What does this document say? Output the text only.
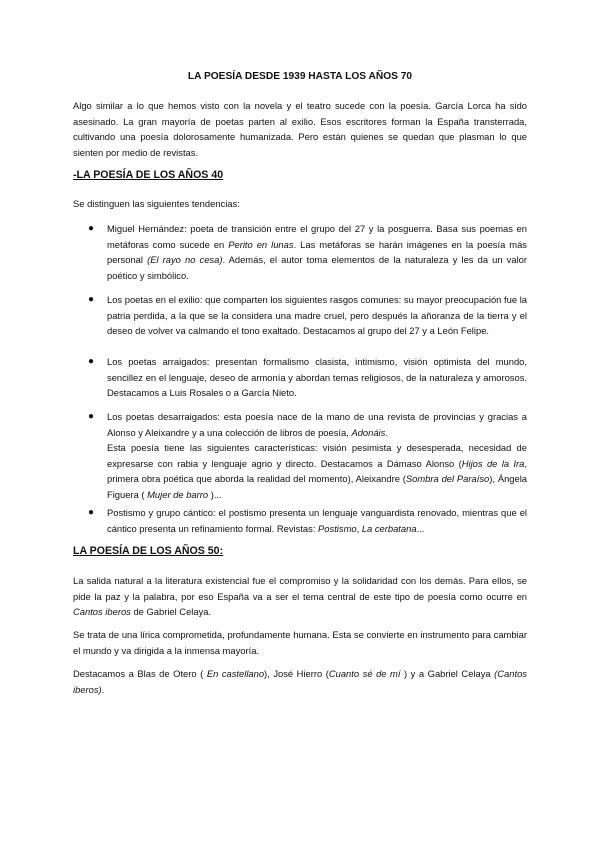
LA POESÍA DESDE 1939 HASTA LOS AÑOS 70

Algo similar a lo que hemos visto con la novela y el teatro sucede con la poesía. García Lorca ha sido asesinado. La gran mayoría de poetas parten al exilio. Esos escritores forman la España transterrada, cultivando una poesía dolorosamente humanizada. Pero están quienes se quedan que plasman lo que sienten por medio de revistas.

-LA POESÍA DE LOS AÑOS 40

Se distinguen las siguientes tendencias:

●	Miguel Hernández: poeta de transición entre el grupo del 27 y la posguerra. Basa sus poemas en metáforas como sucede en Perito en lunas. Las metáforas se harán imágenes en la poesía más personal (El rayo no cesa). Además, el autor toma elementos de la naturaleza y les da un valor poético y simbólico.

●	Los poetas en el exilio: que comparten los siguientes rasgos comunes: su mayor preocupación fue la patria perdida, a la que se la considera una madre cruel, pero después la añoranza de la tierra y el deseo de volver va calmando el tono exaltado. Destacamos al grupo del 27 y a León Felipe.

●	Los poetas arraigados: presentan formalismo clasista, intimismo, visión optimista del mundo, sencillez en el lenguaje, deseo de armonía y abordan temas religiosos, de la naturaleza y amorosos. Destacamos a Luis Rosales o a García Nieto.

●	Los poetas desarraigados: esta poesía nace de la mano de una revista de provincias y gracias a Alonso y Aleixandre y a una colección de libros de poesía, Adonáis.
Esta poesía tiene las siguientes características: visión pesimista y desesperada, necesidad de expresarse con rabia y lenguaje agrio y directo. Destacamos a Dámaso Alonso (Hijos de la Ira, primera obra poética que aborda la realidad del momento), Aleixandre (Sombra del Paraíso), Ángela Figuera ( Mujer de barro )...

●	Postismo y grupo cántico: el postismo presenta un lenguaje vanguardista renovado, mientras que el cántico presenta un refinamiento formal. Revistas: Postismo, La cerbatana...

LA POESÍA DE LOS AÑOS 50:

La salida natural a la literatura existencial fue el compromiso y la solidaridad con los demás. Para ellos, se pide la paz y la palabra, por eso España va a ser el tema central de este tipo de poesía como ocurre en Cantos iberos de Gabriel Celaya.

Se trata de una lírica comprometida, profundamente humana. Esta se convierte en instrumento para cambiar el mundo y va dirigida a la inmensa mayoría.

Destacamos a Blas de Otero ( En castellano), José Hierro (Cuanto sé de mí ) y a Gabriel Celaya (Cantos iberos).
